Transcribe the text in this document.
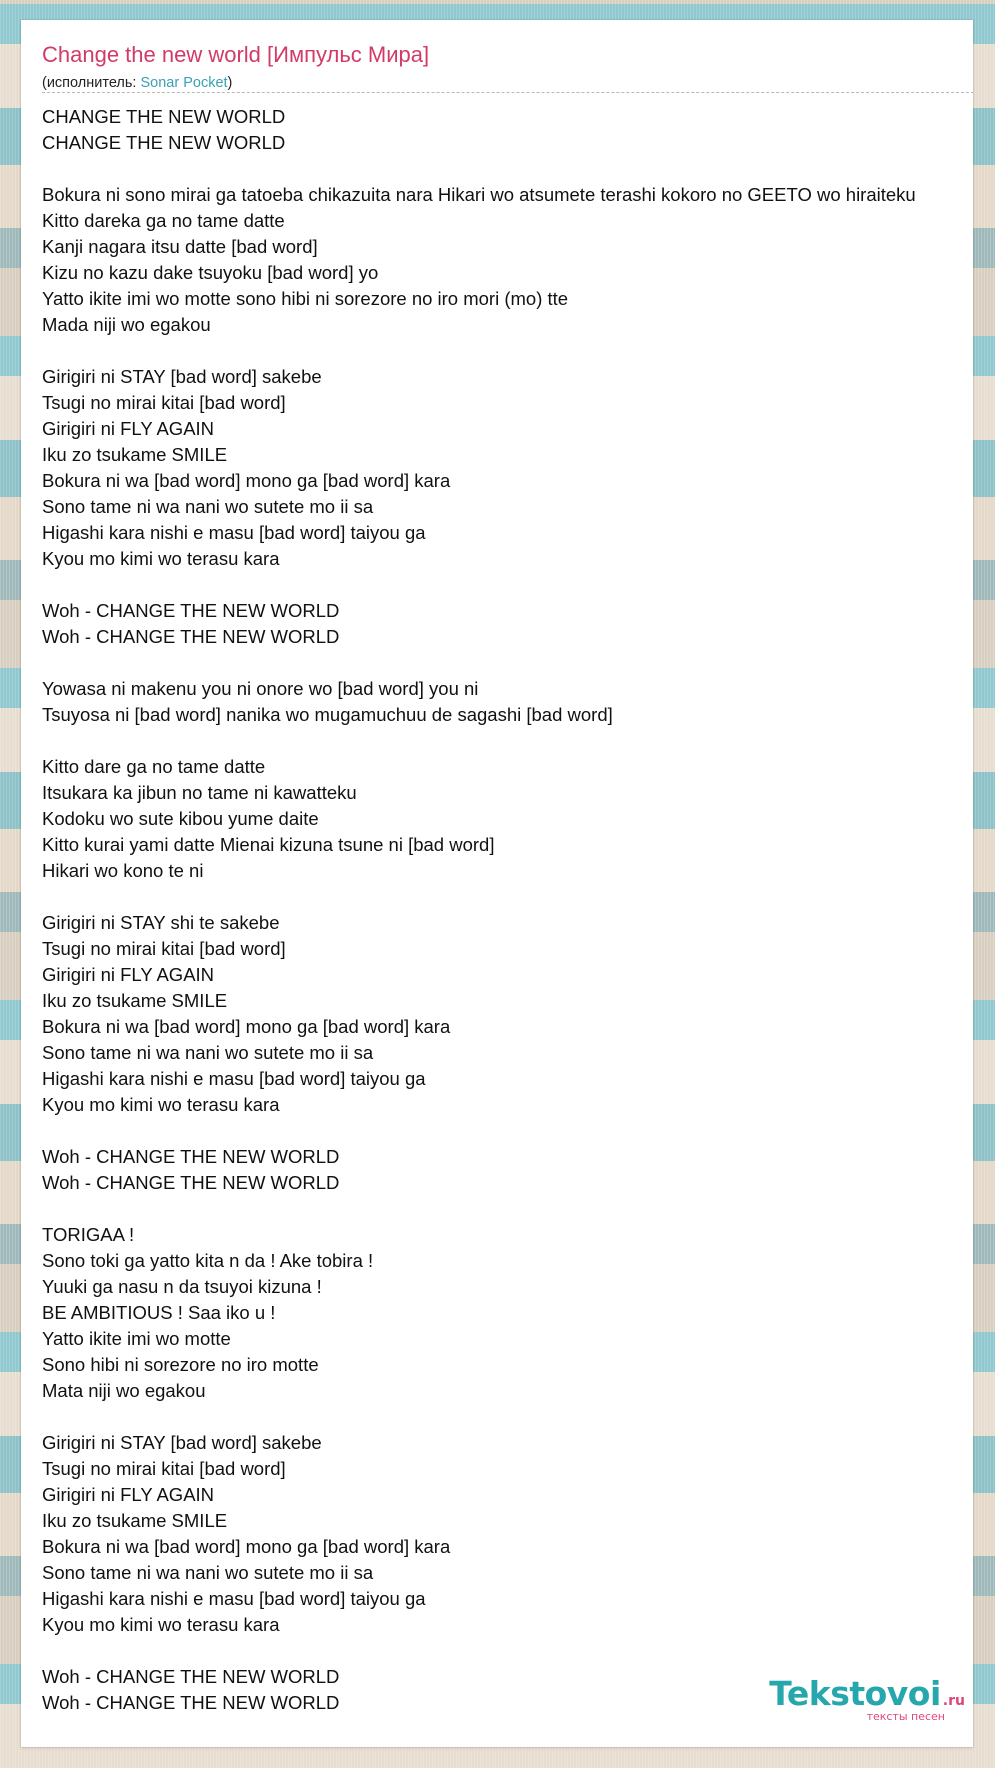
Change the new world [Импульс Мира]
(исполнитель: Sonar Pocket)
CHANGE THE NEW WORLD
CHANGE THE NEW WORLD
Bokura ni sono mirai ga tatoeba chikazuita nara Hikari wo atsumete terashi kokoro no GEETO wo hiraiteku
Kitto dareka ga no tame datte
Kanji nagara itsu datte [bad word]
Kizu no kazu dake tsuyoku [bad word] yo
Yatto ikite imi wo motte sono hibi ni sorezore no iro mori (mo) tte
Mada niji wo egakou
Girigiri ni STAY [bad word] sakebe
Tsugi no mirai kitai [bad word]
Girigiri ni FLY AGAIN
Iku zo tsukame SMILE
Bokura ni wa [bad word] mono ga [bad word] kara
Sono tame ni wa nani wo sutete mo ii sa
Higashi kara nishi e masu [bad word] taiyou ga
Kyou mo kimi wo terasu kara
Woh - CHANGE THE NEW WORLD
Woh - CHANGE THE NEW WORLD
Yowasa ni makenu you ni onore wo [bad word] you ni
Tsuyosa ni [bad word] nanika wo mugamuchuu de sagashi [bad word]
Kitto dare ga no tame datte
Itsukara ka jibun no tame ni kawatteku
Kodoku wo sute kibou yume daite
Kitto kurai yami datte Mienai kizuna tsune ni [bad word]
Hikari wo kono te ni
Girigiri ni STAY shi te sakebe
Tsugi no mirai kitai [bad word]
Girigiri ni FLY AGAIN
Iku zo tsukame SMILE
Bokura ni wa [bad word] mono ga [bad word] kara
Sono tame ni wa nani wo sutete mo ii sa
Higashi kara nishi e masu [bad word] taiyou ga
Kyou mo kimi wo terasu kara
Woh - CHANGE THE NEW WORLD
Woh - CHANGE THE NEW WORLD
TORIGAA !
Sono toki ga yatto kita n da ! Ake tobira !
Yuuki ga nasu n da tsuyoi kizuna !
BE AMBITIOUS ! Saa iko u !
Yatto ikite imi wo motte
Sono hibi ni sorezore no iro motte
Mata niji wo egakou
Girigiri ni STAY [bad word] sakebe
Tsugi no mirai kitai [bad word]
Girigiri ni FLY AGAIN
Iku zo tsukame SMILE
Bokura ni wa [bad word] mono ga [bad word] kara
Sono tame ni wa nani wo sutete mo ii sa
Higashi kara nishi e masu [bad word] taiyou ga
Kyou mo kimi wo terasu kara
Woh - CHANGE THE NEW WORLD
Woh - CHANGE THE NEW WORLD	Tekstovoi .ru
тексты песен
